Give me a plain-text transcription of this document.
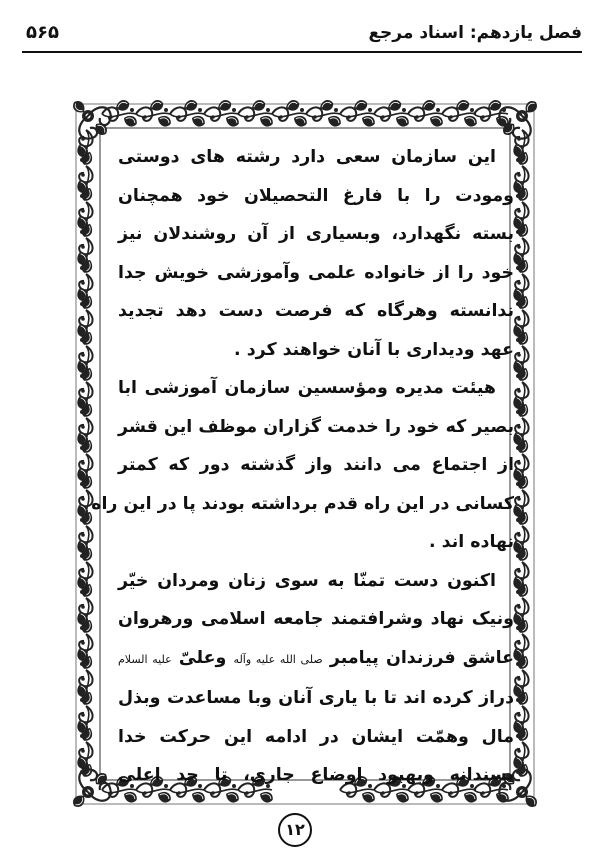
فصل یازدهم: اسناد مرجع
۵۶۵
این سازمان سعی دارد رشته های دوستی
ومودت را با فارغ التحصیلان خود همچنان
بسته نگهدارد، وبسیاری از آن روشندلان نیز
خود را از خانواده علمی وآموزشی خویش جدا
ندانسته وهرگاه که فرصت دست دهد تجدید
عهد ودیداری با آنان خواهند کرد .
هیئت مدیره ومؤسسین سازمان آموزشی ابا
بصیر که خود را خدمت گزاران موظف این قشر
از اجتماع می دانند واز گذشته دور که کمتر
کسانی در این راه قدم برداشته بودند پا در این راه
نهاده اند .
اکنون دست تمنّا به سوی زنان ومردان خیّر
ونیک نهاد وشرافتمند جامعه اسلامی ورهروان
عاشق فرزندان پیامبر صلی الله علیه وآله وعلیّ علیه السلام
دراز کرده اند تا با یاری آنان وبا مساعدت وبذل
مال وهمّت ایشان در ادامه این حرکت خدا
پسندانه وبهبود اوضاع جاری، تا حد اعلی
۱۲
